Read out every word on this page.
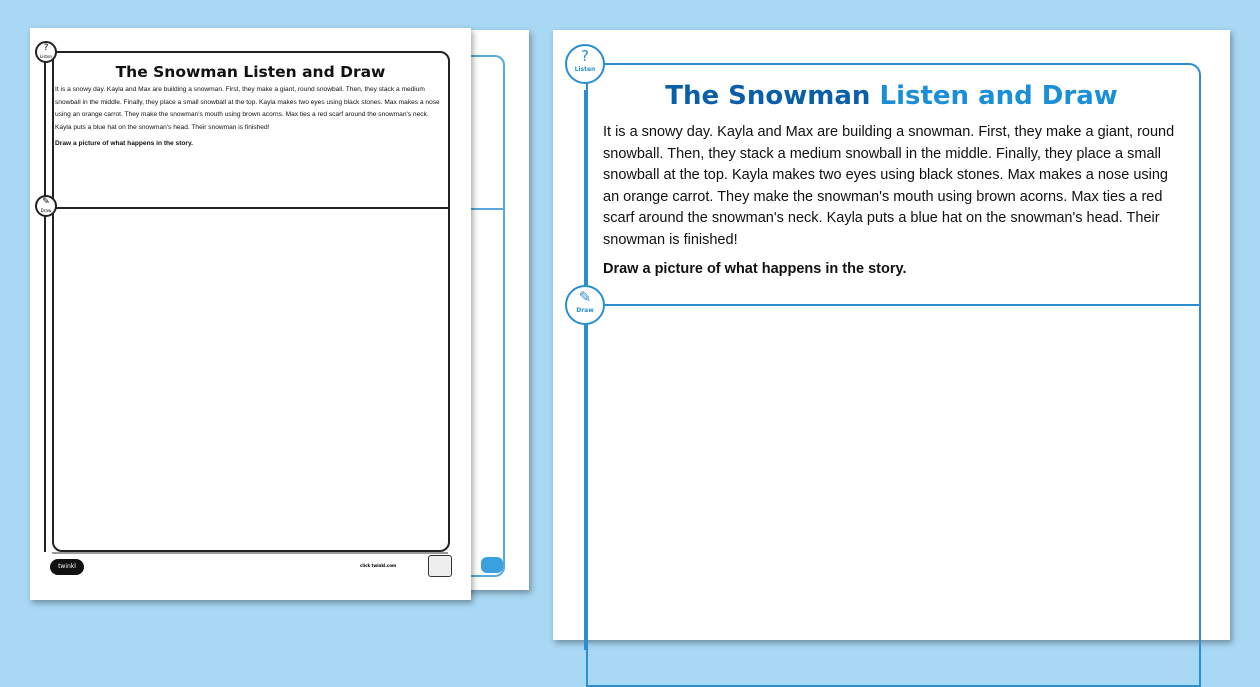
?
Listen
✎
Draw
The Snowman Listen and Draw
It is a snowy day. Kayla and Max are building a snowman. First, they make a giant, round snowball. Then, they stack a medium snowball in the middle. Finally, they place a small snowball at the top. Kayla makes two eyes using black stones. Max makes a nose using an orange carrot. They make the snowman's mouth using brown acorns. Max ties a red scarf around the snowman's neck. Kayla puts a blue hat on the snowman's head. Their snowman is finished!
Draw a picture of what happens in the story.
twinkl	click twinkl.com
?
Listen
✎
Draw
The Snowman Listen and Draw
It is a snowy day. Kayla and Max are building a snowman. First, they make a giant, round snowball. Then, they stack a medium snowball in the middle. Finally, they place a small snowball at the top. Kayla makes two eyes using black stones. Max makes a nose using an orange carrot. They make the snowman's mouth using brown acorns. Max ties a red scarf around the snowman's neck. Kayla puts a blue hat on the snowman's head. Their snowman is finished!
Draw a picture of what happens in the story.
